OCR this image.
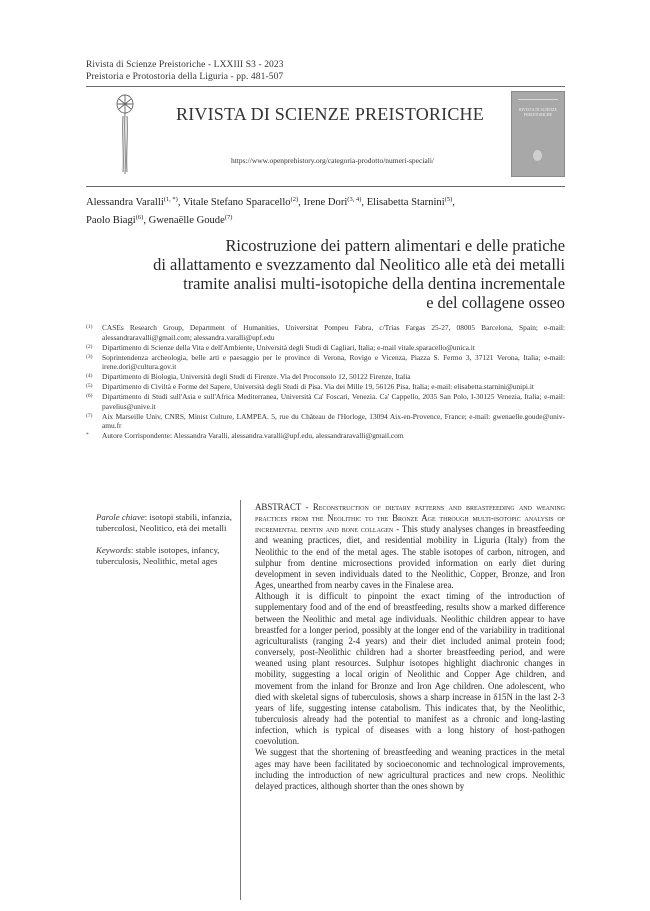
Rivista di Scienze Preistoriche - LXXIII S3 - 2023
Preistoria e Protostoria della Liguria - pp. 481-507
RIVISTA DI SCIENZE PREISTORICHE
https://www.openprehistory.org/categoria-prodotto/numeri-speciali/
RIVISTA DI SCIENZE PREISTORICHE
Alessandra Varalli$^{(1, *)}$, Vitale Stefano Sparacello$^{(2)}$, Irene Dori$^{(3, 4)}$, Elisabetta Starnini$^{(5)}$,
Paolo Biagi$^{(6)}$, Gwenaëlle Goude$^{(7)}$
Ricostruzione dei pattern alimentari e delle pratiche
di allattamento e svezzamento dal Neolitico alle età dei metalli
tramite analisi multi-isotopiche della dentina incrementale
e del collagene osseo
(1) CASEs Research Group, Department of Humanities, Universitat Pompeu Fabra, c/Trias Fargas 25-27, 08005 Barcelona, Spain; e-mail: alessandraravalli@gmail.com; alessandra.varalli@upf.edu
(2) Dipartimento di Scienze della Vita e dell'Ambiente, Università degli Studi di Cagliari, Italia; e-mail vitale.sparacello@unica.it
(3) Soprintendenza archeologia, belle arti e paesaggio per le province di Verona, Rovigo e Vicenza, Piazza S. Fermo 3, 37121 Verona, Italia; e-mail: irene.dori@cultura.gov.it
(4) Dipartimento di Biologia, Università degli Studi di Firenze. Via del Proconsolo 12, 50122 Firenze, Italia
(5) Dipartimento di Civiltà e Forme del Sapere, Università degli Studi di Pisa. Via dei Mille 19, 56126 Pisa, Italia; e-mail: elisabetta.starnini@unipi.it
(6) Dipartimento di Studi sull'Asia e sull'Africa Mediterranea, Università Ca' Foscari, Venezia. Ca' Cappello, 2035 San Polo, I-30125 Venezia, Italia; e-mail: pavelius@unive.it
(7) Aix Marseille Univ, CNRS, Minist Culture, LAMPEA. 5, rue du Château de l'Horloge, 13094 Aix-en-Provence, France; e-mail: gwenaelle.goude@univ-amu.fr
* Autore Corrispondente: Alessandra Varalli, alessandra.varalli@upf.edu, alessandraravalli@gmail.com
Parole chiave: isotopi stabili, infanzia, tubercolosi, Neolitico, età dei metalli
Keywords: stable isotopes, infancy, tuberculosis, Neolithic, metal ages
ABSTRACT - Reconstruction of dietary patterns and breastfeeding and weaning practices from the Neolithic to the Bronze Age through multi-isotopic analysis of incremental dentin and bone collagen - This study analyses changes in breastfeeding and weaning practices, diet, and residential mobility in Liguria (Italy) from the Neolithic to the end of the metal ages. The stable isotopes of carbon, nitrogen, and sulphur from dentine microsections provided information on early diet during development in seven individuals dated to the Neolithic, Copper, Bronze, and Iron Ages, unearthed from nearby caves in the Finalese area.
Although it is difficult to pinpoint the exact timing of the introduction of supplementary food and of the end of breastfeeding, results show a marked difference between the Neolithic and metal age individuals. Neolithic children appear to have breastfed for a longer period, possibly at the longer end of the variability in traditional agriculturalists (ranging 2-4 years) and their diet included animal protein food; conversely, post-Neolithic children had a shorter breastfeeding period, and were weaned using plant resources. Sulphur isotopes highlight diachronic changes in mobility, suggesting a local origin of Neolithic and Copper Age children, and movement from the inland for Bronze and Iron Age children. One adolescent, who died with skeletal signs of tuberculosis, shows a sharp increase in δ15N in the last 2-3 years of life, suggesting intense catabolism. This indicates that, by the Neolithic, tuberculosis already had the potential to manifest as a chronic and long-lasting infection, which is typical of diseases with a long history of host-pathogen coevolution.
We suggest that the shortening of breastfeeding and weaning practices in the metal ages may have been facilitated by socioeconomic and technological improvements, including the introduction of new agricultural practices and new crops. Neolithic delayed practices, although shorter than the ones shown by
